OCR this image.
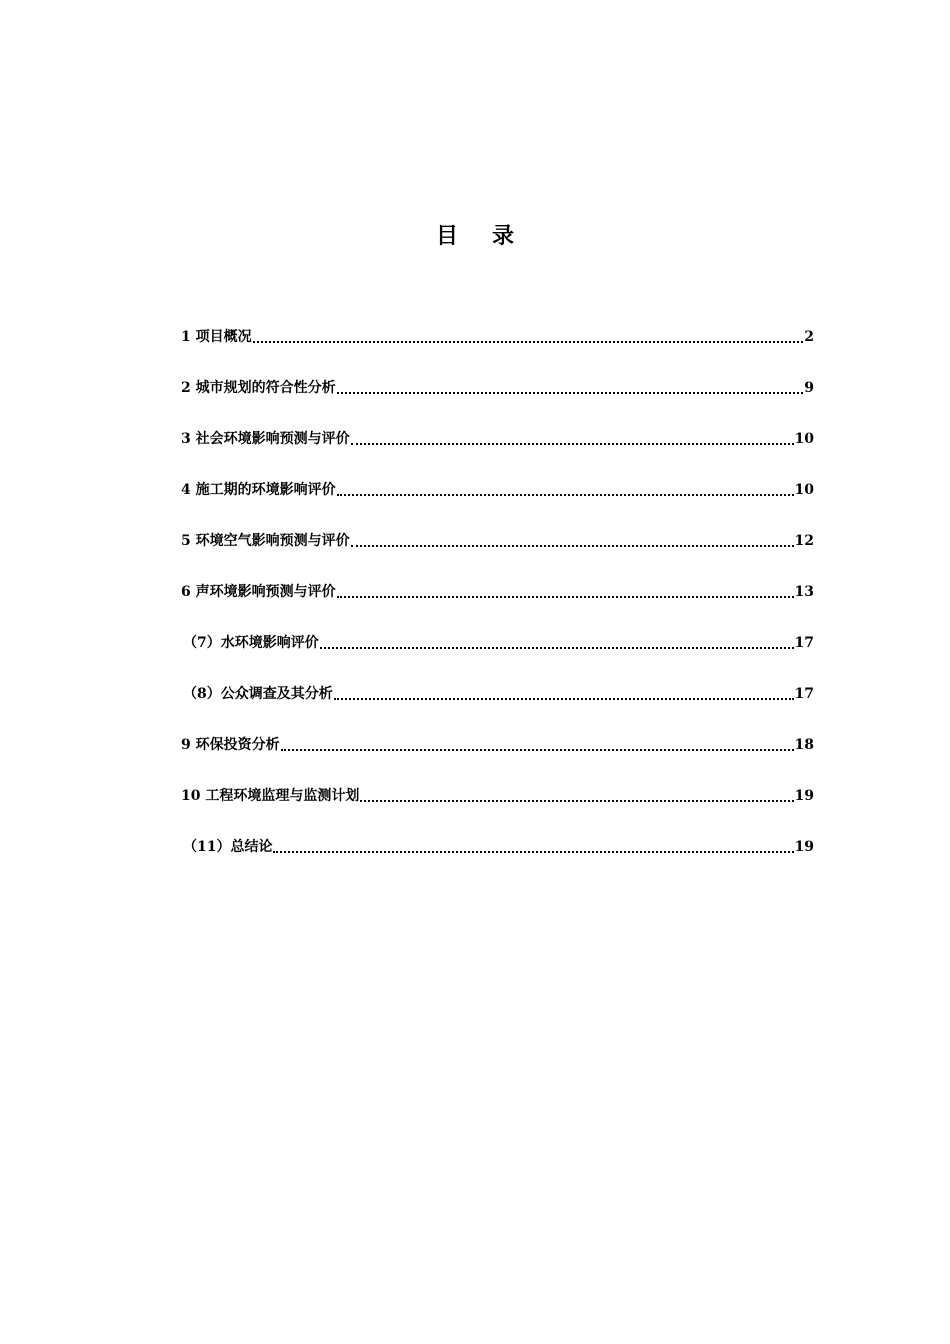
目 录
1 项目概况	2
2 城市规划的符合性分析	9
3 社会环境影响预测与评价	10
4 施工期的环境影响评价	10
5 环境空气影响预测与评价	12
6 声环境影响预测与评价	13
（7）水环境影响评价	17
（8）公众调查及其分析	17
9 环保投资分析	18
10 工程环境监理与监测计划	19
（11）总结论	19
